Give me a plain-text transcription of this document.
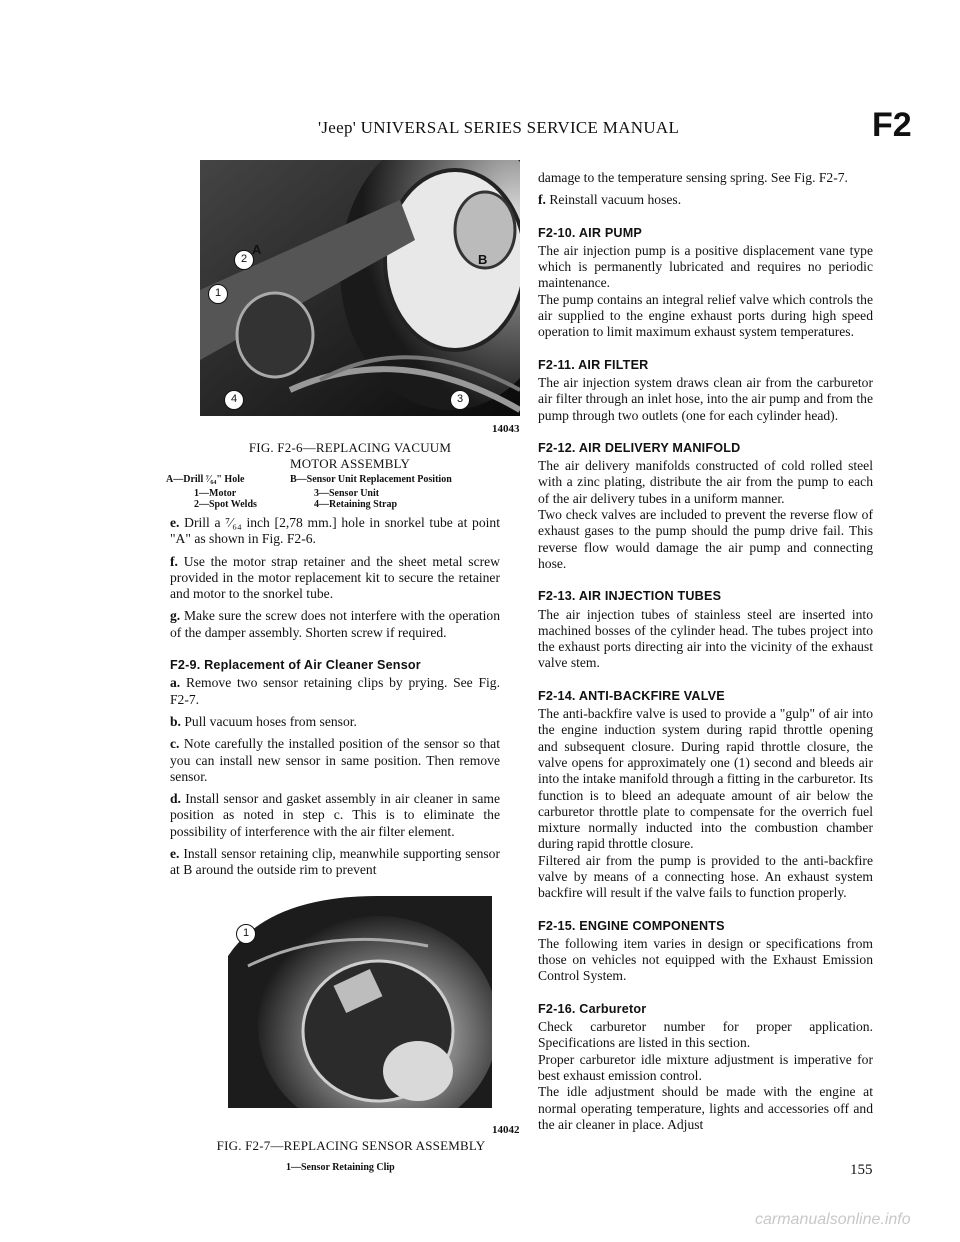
'Jeep' UNIVERSAL SERIES SERVICE MANUAL	F2
A
B
1
2
3
4
14043
FIG. F2-6—REPLACING VACUUM
MOTOR ASSEMBLY
A—Drill ⁷⁄₆₄" Hole	B—Sensor Unit Replacement Position
1—Motor	3—Sensor Unit
2—Spot Welds	4—Retaining Strap

e. Drill a ⁷⁄₆₄ inch [2,78 mm.] hole in snorkel tube at point "A" as shown in Fig. F2-6.

f. Use the motor strap retainer and the sheet metal screw provided in the motor replacement kit to secure the retainer and motor to the snorkel tube.

g. Make sure the screw does not interfere with the operation of the damper assembly. Shorten screw if required.

F2-9. Replacement of Air Cleaner Sensor

a. Remove two sensor retaining clips by prying. See Fig. F2-7.

b. Pull vacuum hoses from sensor.

c. Note carefully the installed position of the sensor so that you can install new sensor in same position. Then remove sensor.

d. Install sensor and gasket assembly in air cleaner in same position as noted in step c. This is to eliminate the possibility of interference with the air filter element.

e. Install sensor retaining clip, meanwhile supporting sensor at B around the outside rim to prevent

1
14042
FIG. F2-7—REPLACING SENSOR ASSEMBLY
1—Sensor Retaining Clip

damage to the temperature sensing spring. See Fig. F2-7.

f. Reinstall vacuum hoses.

F2-10. AIR PUMP

The air injection pump is a positive displacement vane type which is permanently lubricated and requires no periodic maintenance.

The pump contains an integral relief valve which controls the air supplied to the engine exhaust ports during high speed operation to limit maximum exhaust system temperatures.

F2-11. AIR FILTER

The air injection system draws clean air from the carburetor air filter through an inlet hose, into the air pump and from the pump through two outlets (one for each cylinder head).

F2-12. AIR DELIVERY MANIFOLD

The air delivery manifolds constructed of cold rolled steel with a zinc plating, distribute the air from the pump to each of the air delivery tubes in a uniform manner.

Two check valves are included to prevent the reverse flow of exhaust gases to the pump should the pump drive fail. This reverse flow would damage the air pump and connecting hose.

F2-13. AIR INJECTION TUBES

The air injection tubes of stainless steel are inserted into machined bosses of the cylinder head. The tubes project into the exhaust ports directing air into the vicinity of the exhaust valve stem.

F2-14. ANTI-BACKFIRE VALVE

The anti-backfire valve is used to provide a "gulp" of air into the engine induction system during rapid throttle opening and subsequent closure. During rapid throttle closure, the valve opens for approximately one (1) second and bleeds air into the intake manifold through a fitting in the carburetor. Its function is to bleed an adequate amount of air below the carburetor throttle plate to compensate for the overrich fuel mixture normally inducted into the combustion chamber during rapid throttle closure.

Filtered air from the pump is provided to the anti-backfire valve by means of a connecting hose. An exhaust system backfire will result if the valve fails to function properly.

F2-15. ENGINE COMPONENTS

The following item varies in design or specifications from those on vehicles not equipped with the Exhaust Emission Control System.

F2-16. Carburetor

Check carburetor number for proper application. Specifications are listed in this section.

Proper carburetor idle mixture adjustment is imperative for best exhaust emission control.

The idle adjustment should be made with the engine at normal operating temperature, lights and accessories off and the air cleaner in place. Adjust

155
carmanualsonline.info
